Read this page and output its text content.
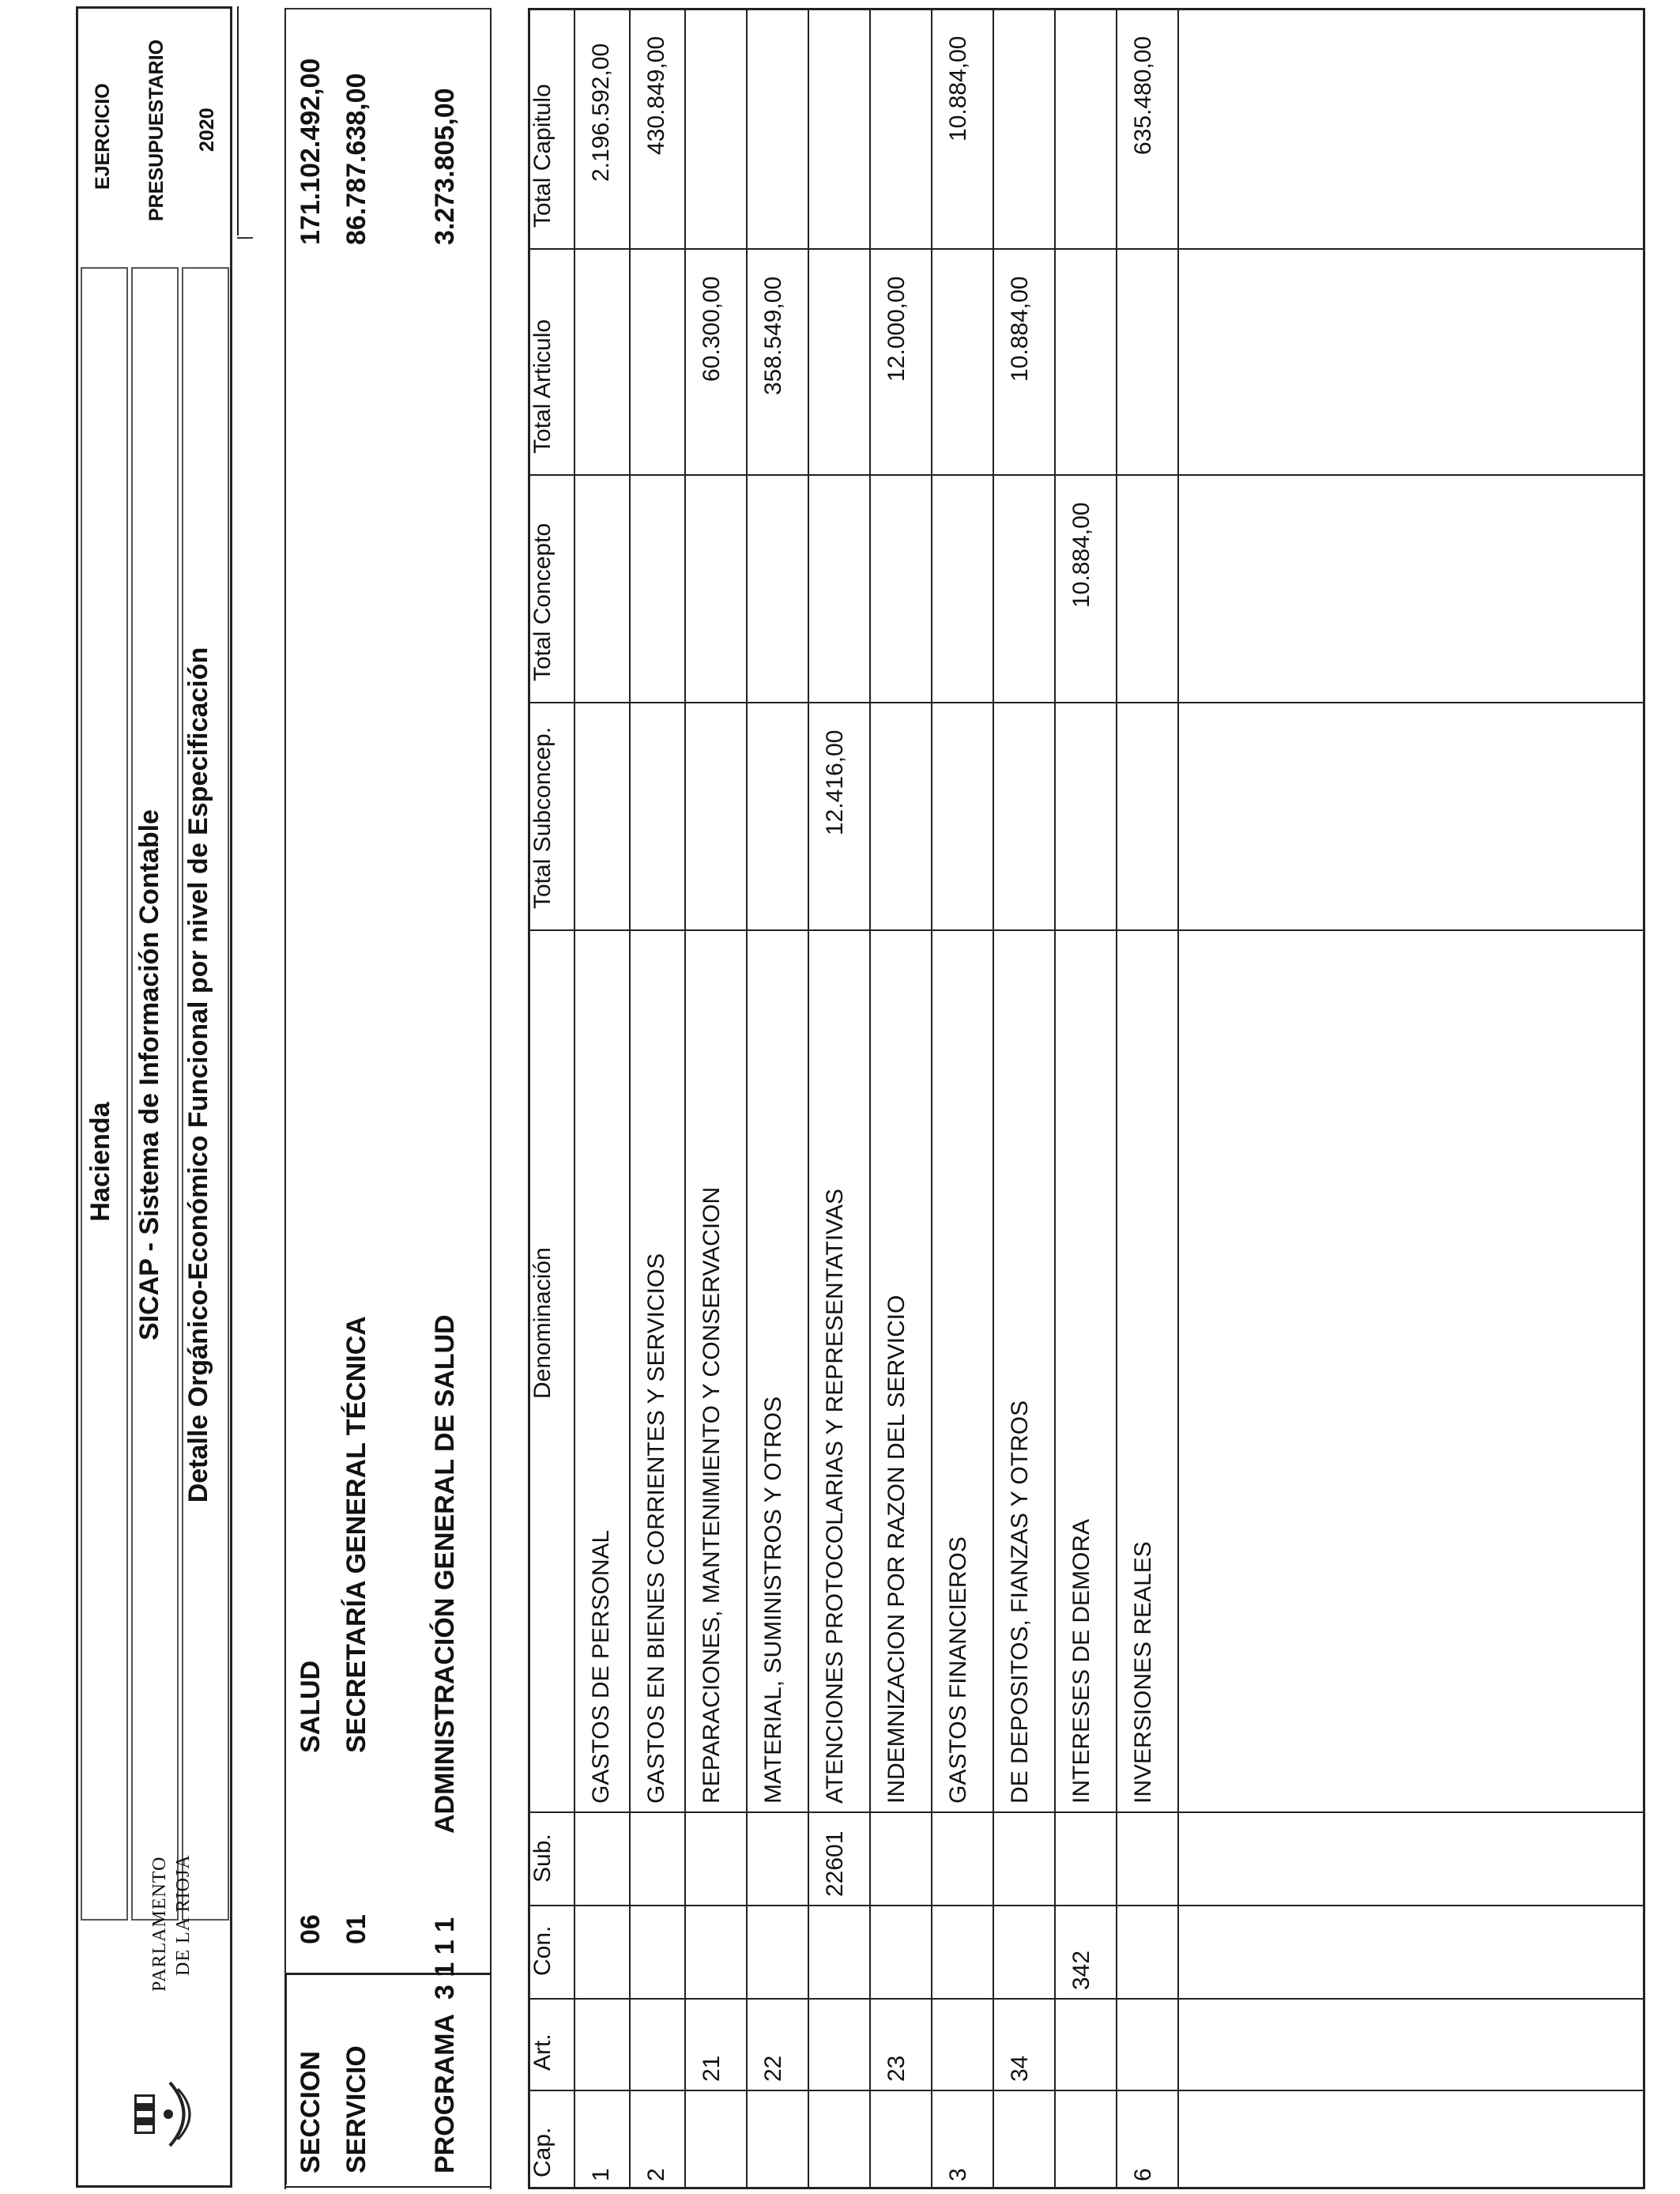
Hacienda SICAP - Sistema de Información Contable Detalle Orgánico-Económico Funcional por nivel de Especificación
PARLAMENTO DE LA RIOJA
EJERCICIO PRESUPUESTARIO 2020
SECCION
06
SALUD
171.102.492,00
SERVICIO
01
SECRETARÍA GENERAL TÉCNICA
86.787.638,00
PROGRAMA
3 1 1 1
ADMINISTRACIÓN GENERAL DE SALUD
3.273.805,00
Cap.
Art.
Con.
Sub.
Denominación
Total Subconcep.
Total Concepto
Total Articulo
Total Capitulo
1
GASTOS DE PERSONAL
2.196.592,00
2
GASTOS EN BIENES CORRIENTES Y SERVICIOS
430.849,00
21
REPARACIONES, MANTENIMIENTO Y CONSERVACION
60.300,00
22
MATERIAL, SUMINISTROS Y OTROS
358.549,00
22601
ATENCIONES PROTOCOLARIAS Y REPRESENTATIVAS
12.416,00
23
INDEMNIZACION POR RAZON DEL SERVICIO
12.000,00
3
GASTOS FINANCIEROS
10.884,00
34
DE DEPOSITOS, FIANZAS Y OTROS
10.884,00
342
INTERESES DE DEMORA
10.884,00
6
INVERSIONES REALES
635.480,00
